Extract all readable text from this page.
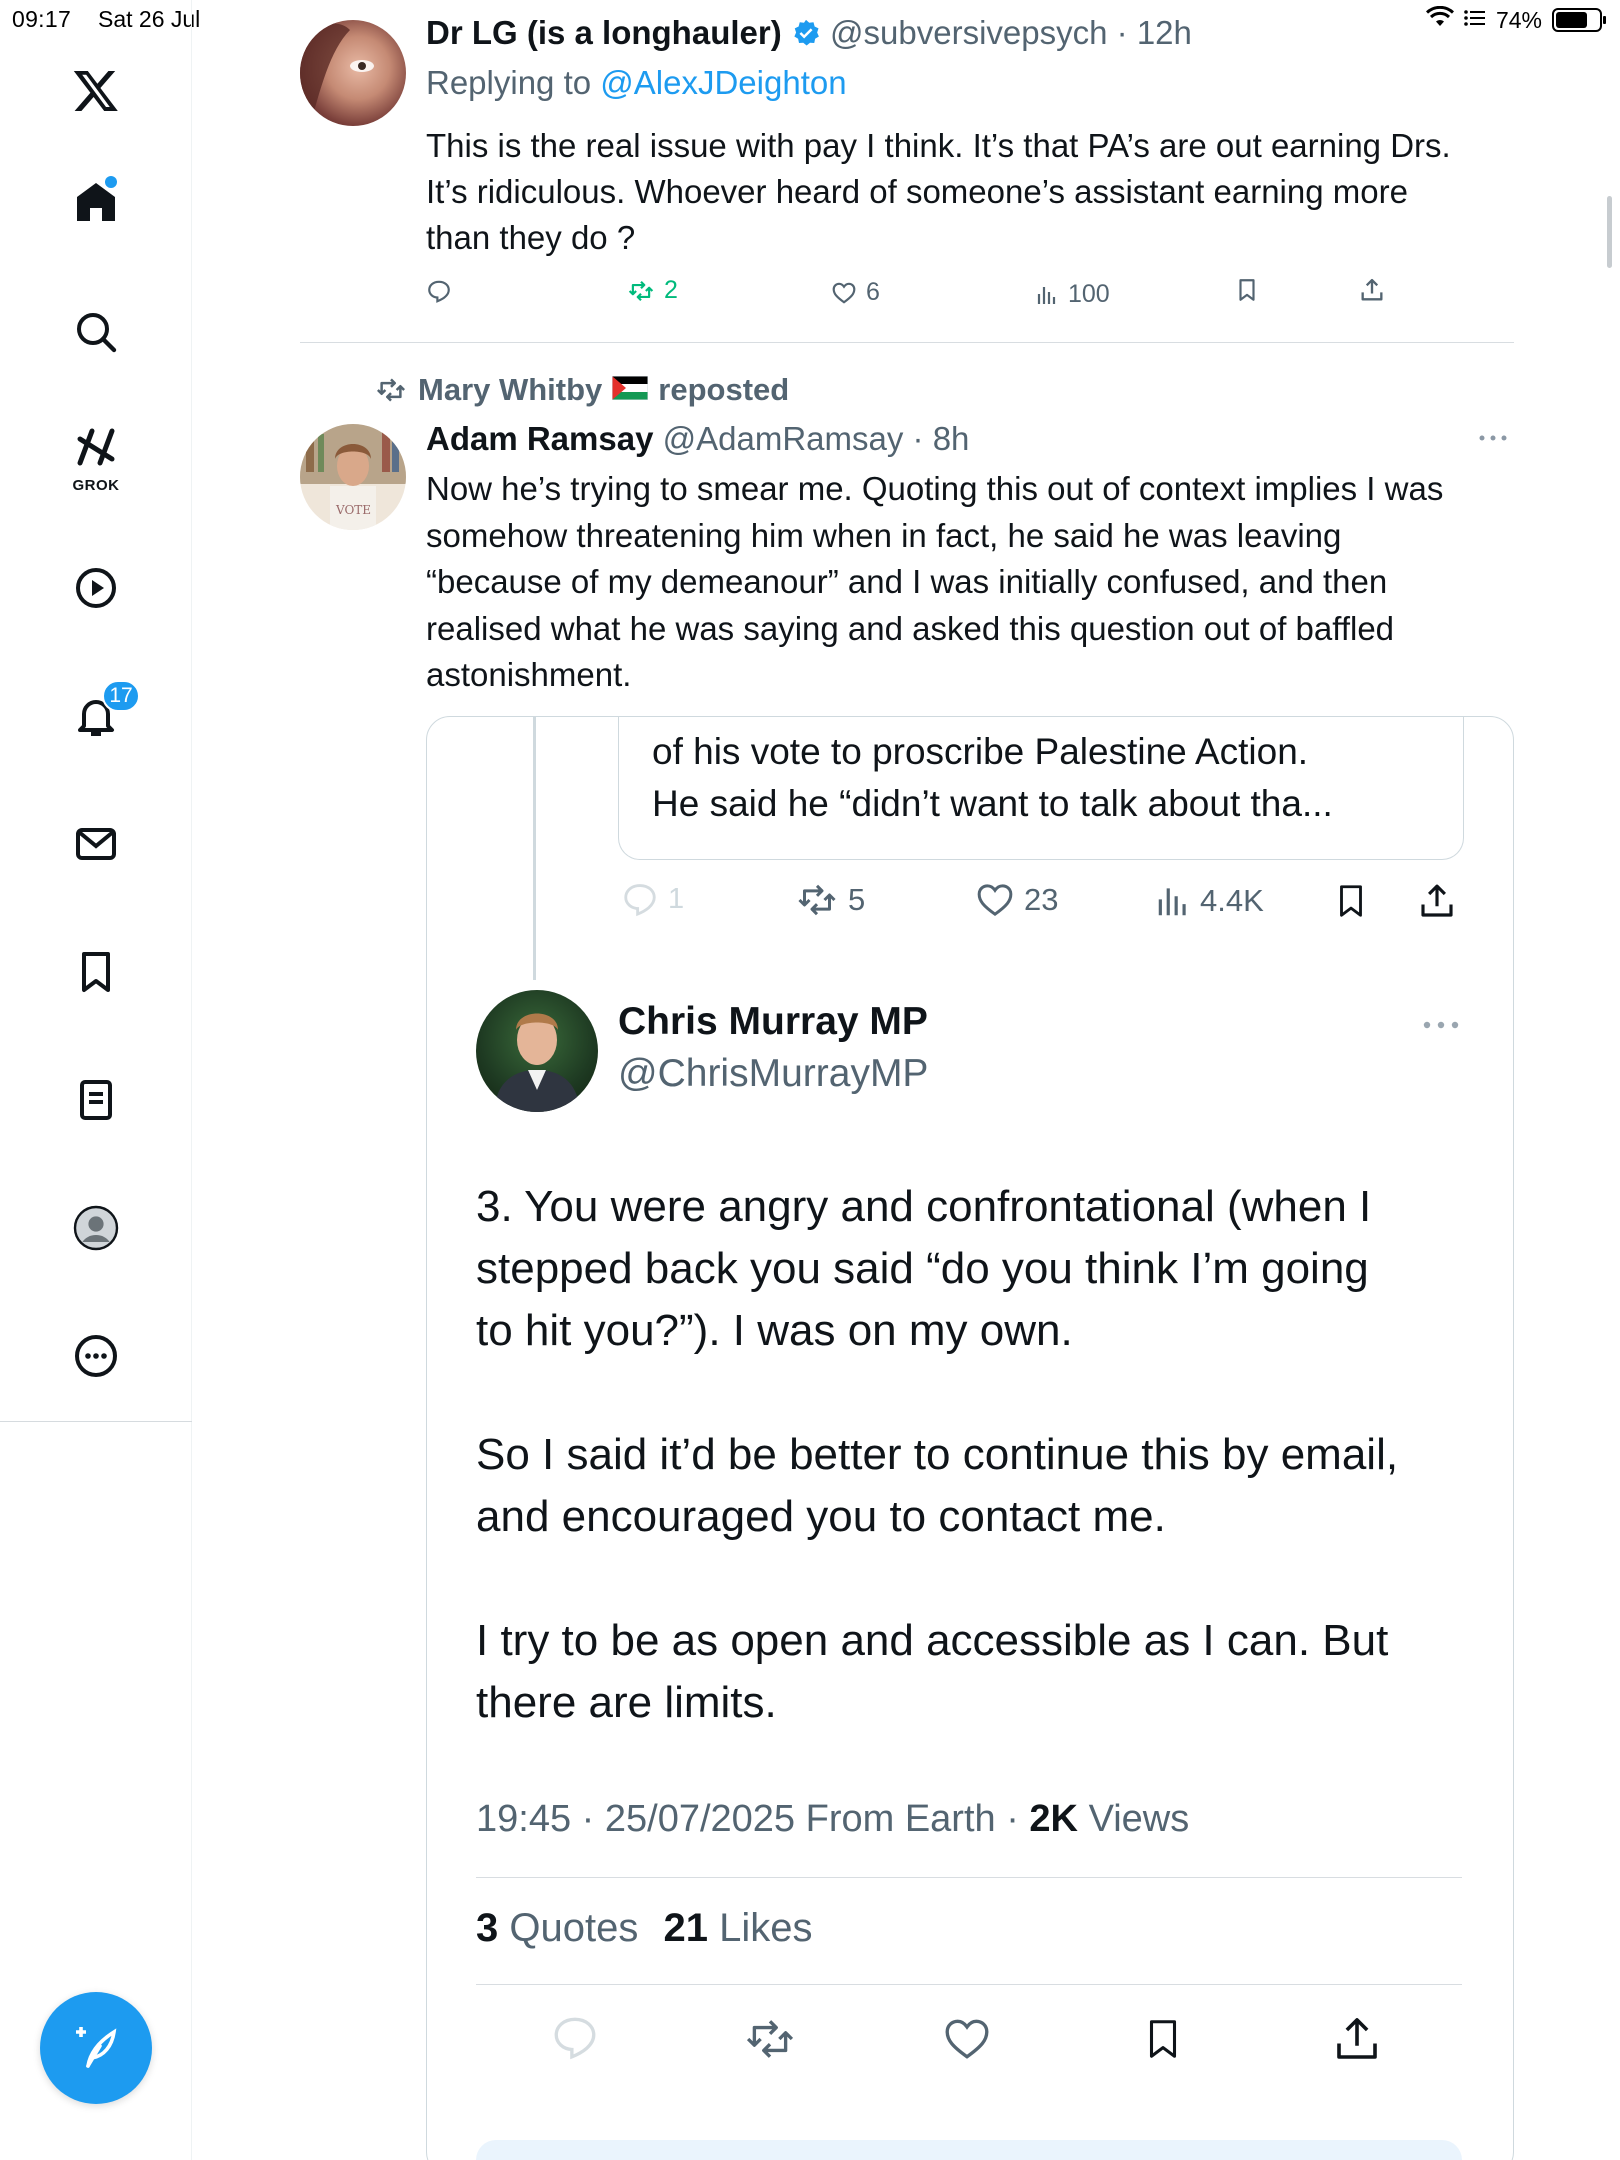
09:17 Sat 26 Jul	74%
GROK
17
Dr LG (is a longhauler) @subversivepsych · 12h
Replying to @AlexJDeighton
This is the real issue with pay I think. It’s that PA’s are out earning Drs.
It’s ridiculous. Whoever heard of someone’s assistant earning more
than they do ?
2	6	100
Mary Whitby reposted
VOTE
Adam Ramsay @AdamRamsay · 8h
Now he’s trying to smear me. Quoting this out of context implies I was
somehow threatening him when in fact, he said he was leaving
“because of my demeanour” and I was initially confused, and then
realised what he was saying and asked this question out of baffled
astonishment.
of his vote to proscribe Palestine Action.
He said he “didn’t want to talk about tha...
1	5	23	4.4K
Chris Murray MP
@ChrisMurrayMP
3. You were angry and confrontational (when I
stepped back you said “do you think I’m going
to hit you?”). I was on my own.
So I said it’d be better to continue this by email,
and encouraged you to contact me.
I try to be as open and accessible as I can. But
there are limits.
19:45 · 25/07/2025 From Earth · 2K Views
3 Quotes 21 Likes
